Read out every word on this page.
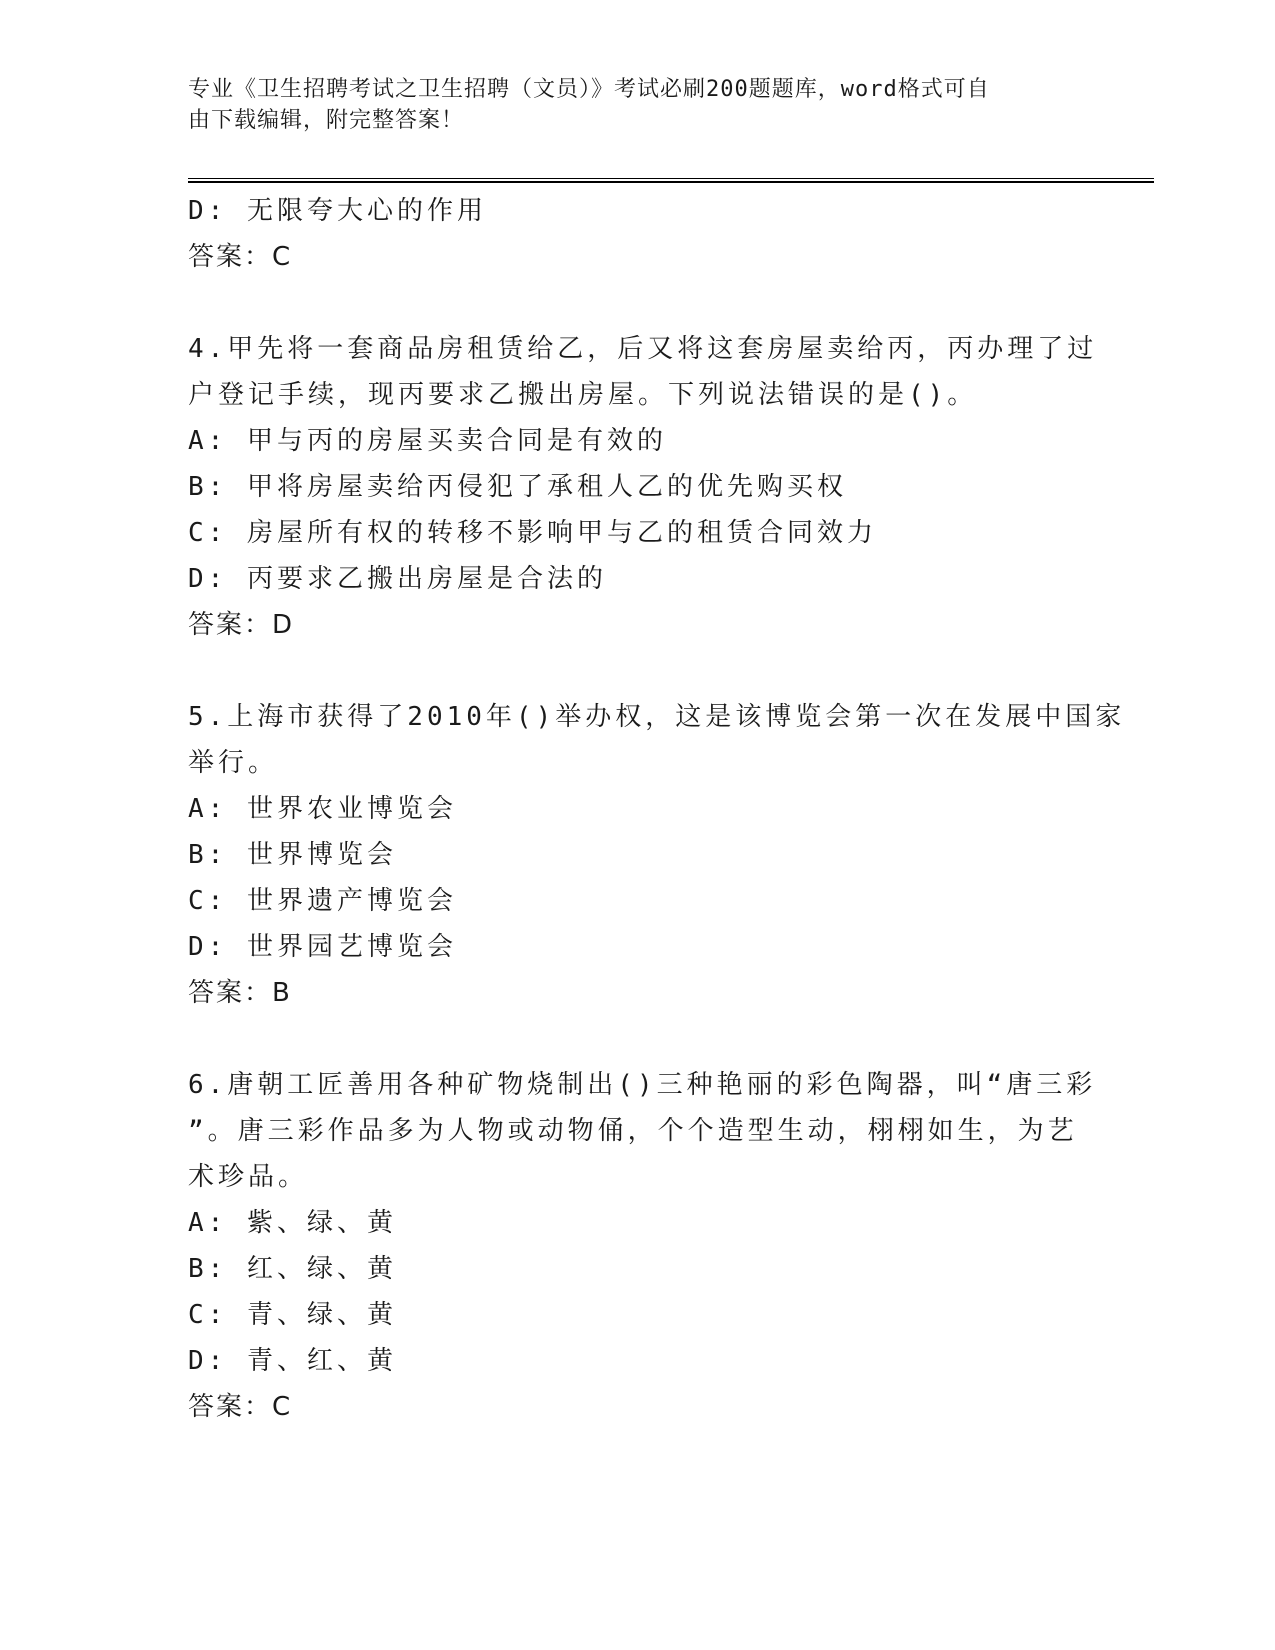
专业《卫生招聘考试之卫生招聘（文员）》考试必刷200题题库，word格式可自
由下载编辑，附完整答案！
D: 无限夸大心的作用
答案：C
4.甲先将一套商品房租赁给乙，后又将这套房屋卖给丙，丙办理了过
户登记手续，现丙要求乙搬出房屋。下列说法错误的是()。
A: 甲与丙的房屋买卖合同是有效的
B: 甲将房屋卖给丙侵犯了承租人乙的优先购买权
C: 房屋所有权的转移不影响甲与乙的租赁合同效力
D: 丙要求乙搬出房屋是合法的
答案：D
5.上海市获得了2010年()举办权，这是该博览会第一次在发展中国家
举行。
A: 世界农业博览会
B: 世界博览会
C: 世界遗产博览会
D: 世界园艺博览会
答案：B
6.唐朝工匠善用各种矿物烧制出()三种艳丽的彩色陶器，叫“唐三彩
”。唐三彩作品多为人物或动物俑，个个造型生动，栩栩如生，为艺
术珍品。
A: 紫、绿、黄
B: 红、绿、黄
C: 青、绿、黄
D: 青、红、黄
答案：C
